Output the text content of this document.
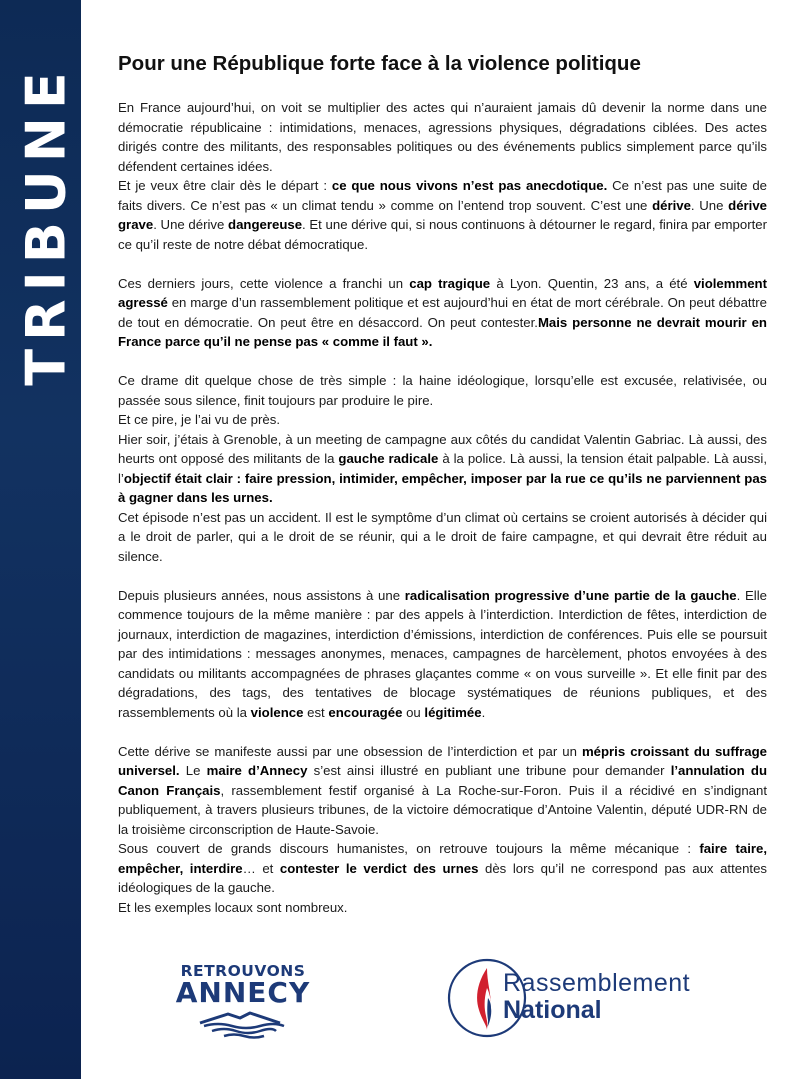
TRIBUNE
Pour une République forte face à la violence politique

En France aujourd’hui, on voit se multiplier des actes qui n’auraient jamais dû devenir la norme dans une démocratie républicaine : intimidations, menaces, agressions physiques, dégradations ciblées. Des actes dirigés contre des militants, des responsables politiques ou des événements publics simplement parce qu’ils défendent certaines idées.

Et je veux être clair dès le départ : ce que nous vivons n’est pas anecdotique. Ce n’est pas une suite de faits divers. Ce n’est pas « un climat tendu » comme on l’entend trop souvent. C’est une dérive. Une dérive grave. Une dérive dangereuse. Et une dérive qui, si nous continuons à détourner le regard, finira par emporter ce qu’il reste de notre débat démocratique.

Ces derniers jours, cette violence a franchi un cap tragique à Lyon. Quentin, 23 ans, a été violemment agressé en marge d’un rassemblement politique et est aujourd’hui en état de mort cérébrale. On peut débattre de tout en démocratie. On peut être en désaccord. On peut contester.Mais personne ne devrait mourir en France parce qu’il ne pense pas « comme il faut ».

Ce drame dit quelque chose de très simple : la haine idéologique, lorsqu’elle est excusée, relativisée, ou passée sous silence, finit toujours par produire le pire.

Et ce pire, je l’ai vu de près.

Hier soir, j’étais à Grenoble, à un meeting de campagne aux côtés du candidat Valentin Gabriac. Là aussi, des heurts ont opposé des militants de la gauche radicale à la police. Là aussi, la tension était palpable. Là aussi, l’objectif était clair : faire pression, intimider, empêcher, imposer par la rue ce qu’ils ne parviennent pas à gagner dans les urnes.

Cet épisode n’est pas un accident. Il est le symptôme d’un climat où certains se croient autorisés à décider qui a le droit de parler, qui a le droit de se réunir, qui a le droit de faire campagne, et qui devrait être réduit au silence.

Depuis plusieurs années, nous assistons à une radicalisation progressive d’une partie de la gauche. Elle commence toujours de la même manière : par des appels à l’interdiction. Interdiction de fêtes, interdiction de journaux, interdiction de magazines, interdiction d’émissions, interdiction de conférences. Puis elle se poursuit par des intimidations : messages anonymes, menaces, campagnes de harcèlement, photos envoyées à des candidats ou militants accompagnées de phrases glaçantes comme « on vous surveille ». Et elle finit par des dégradations, des tags, des tentatives de blocage systématiques de réunions publiques, et des rassemblements où la violence est encouragée ou légitimée.

Cette dérive se manifeste aussi par une obsession de l’interdiction et par un mépris croissant du suffrage universel. Le maire d’Annecy s’est ainsi illustré en publiant une tribune pour demander l’annulation du Canon Français, rassemblement festif organisé à La Roche-sur-Foron. Puis il a récidivé en s’indignant publiquement, à travers plusieurs tribunes, de la victoire démocratique d’Antoine Valentin, député UDR-RN de la troisième circonscription de Haute-Savoie.

Sous couvert de grands discours humanistes, on retrouve toujours la même mécanique : faire taire, empêcher, interdire… et contester le verdict des urnes dès lors qu’il ne correspond pas aux attentes idéologiques de la gauche.

Et les exemples locaux sont nombreux.

RETROUVONS
ANNECY	Rassemblement
National
